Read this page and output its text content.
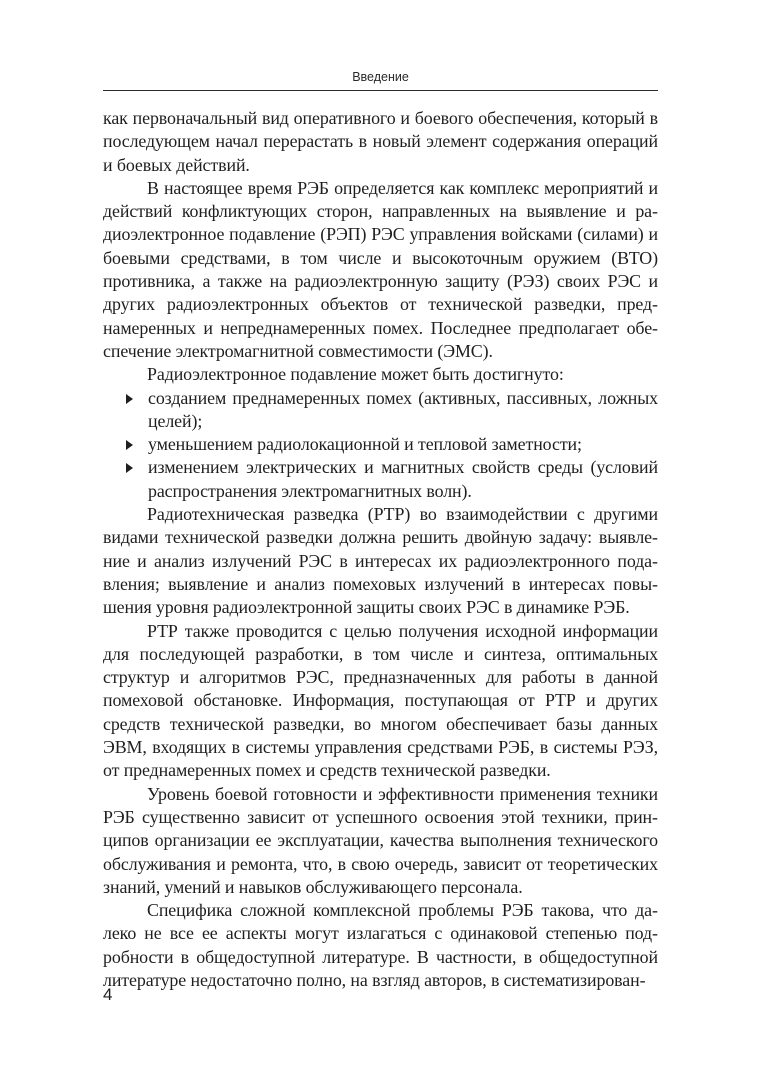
Введение

как первоначальный вид оперативного и боевого обеспечения, который в последующем начал перерастать в новый элемент содержания операций и боевых действий.

В настоящее время РЭБ определяется как комплекс мероприятий и действий конфликтующих сторон, направленных на выявление и радиоэлектронное подавление (РЭП) РЭС управления войсками (силами) и боевыми средствами, в том числе и высокоточным оружием (ВТО) противника, а также на радиоэлектронную защиту (РЭЗ) своих РЭС и других радиоэлектронных объектов от технической разведки, преднамеренных и непреднамеренных помех. Последнее предполагает обеспечение электромагнитной совместимости (ЭМС).

Радиоэлектронное подавление может быть достигнуто:

созданием преднамеренных помех (активных, пассивных, ложных целей);
уменьшением радиолокационной и тепловой заметности;
изменением электрических и магнитных свойств среды (условий распространения электромагнитных волн).

Радиотехническая разведка (РТР) во взаимодействии с другими видами технической разведки должна решить двойную задачу: выявление и анализ излучений РЭС в интересах их радиоэлектронного подавления; выявление и анализ помеховых излучений в интересах повышения уровня радиоэлектронной защиты своих РЭС в динамике РЭБ.

РТР также проводится с целью получения исходной информации для последующей разработки, в том числе и синтеза, оптимальных структур и алгоритмов РЭС, предназначенных для работы в данной помеховой обстановке. Информация, поступающая от РТР и других средств технической разведки, во многом обеспечивает базы данных ЭВМ, входящих в системы управления средствами РЭБ, в системы РЭЗ, от преднамеренных помех и средств технической разведки.

Уровень боевой готовности и эффективности применения техники РЭБ существенно зависит от успешного освоения этой техники, принципов организации ее эксплуатации, качества выполнения технического обслуживания и ремонта, что, в свою очередь, зависит от теоретических знаний, умений и навыков обслуживающего персонала.

Специфика сложной комплексной проблемы РЭБ такова, что далеко не все ее аспекты могут излагаться с одинаковой степенью подробности в общедоступной литературе. В частности, в общедоступной литературе недостаточно полно, на взгляд авторов, в систематизирован-

4
